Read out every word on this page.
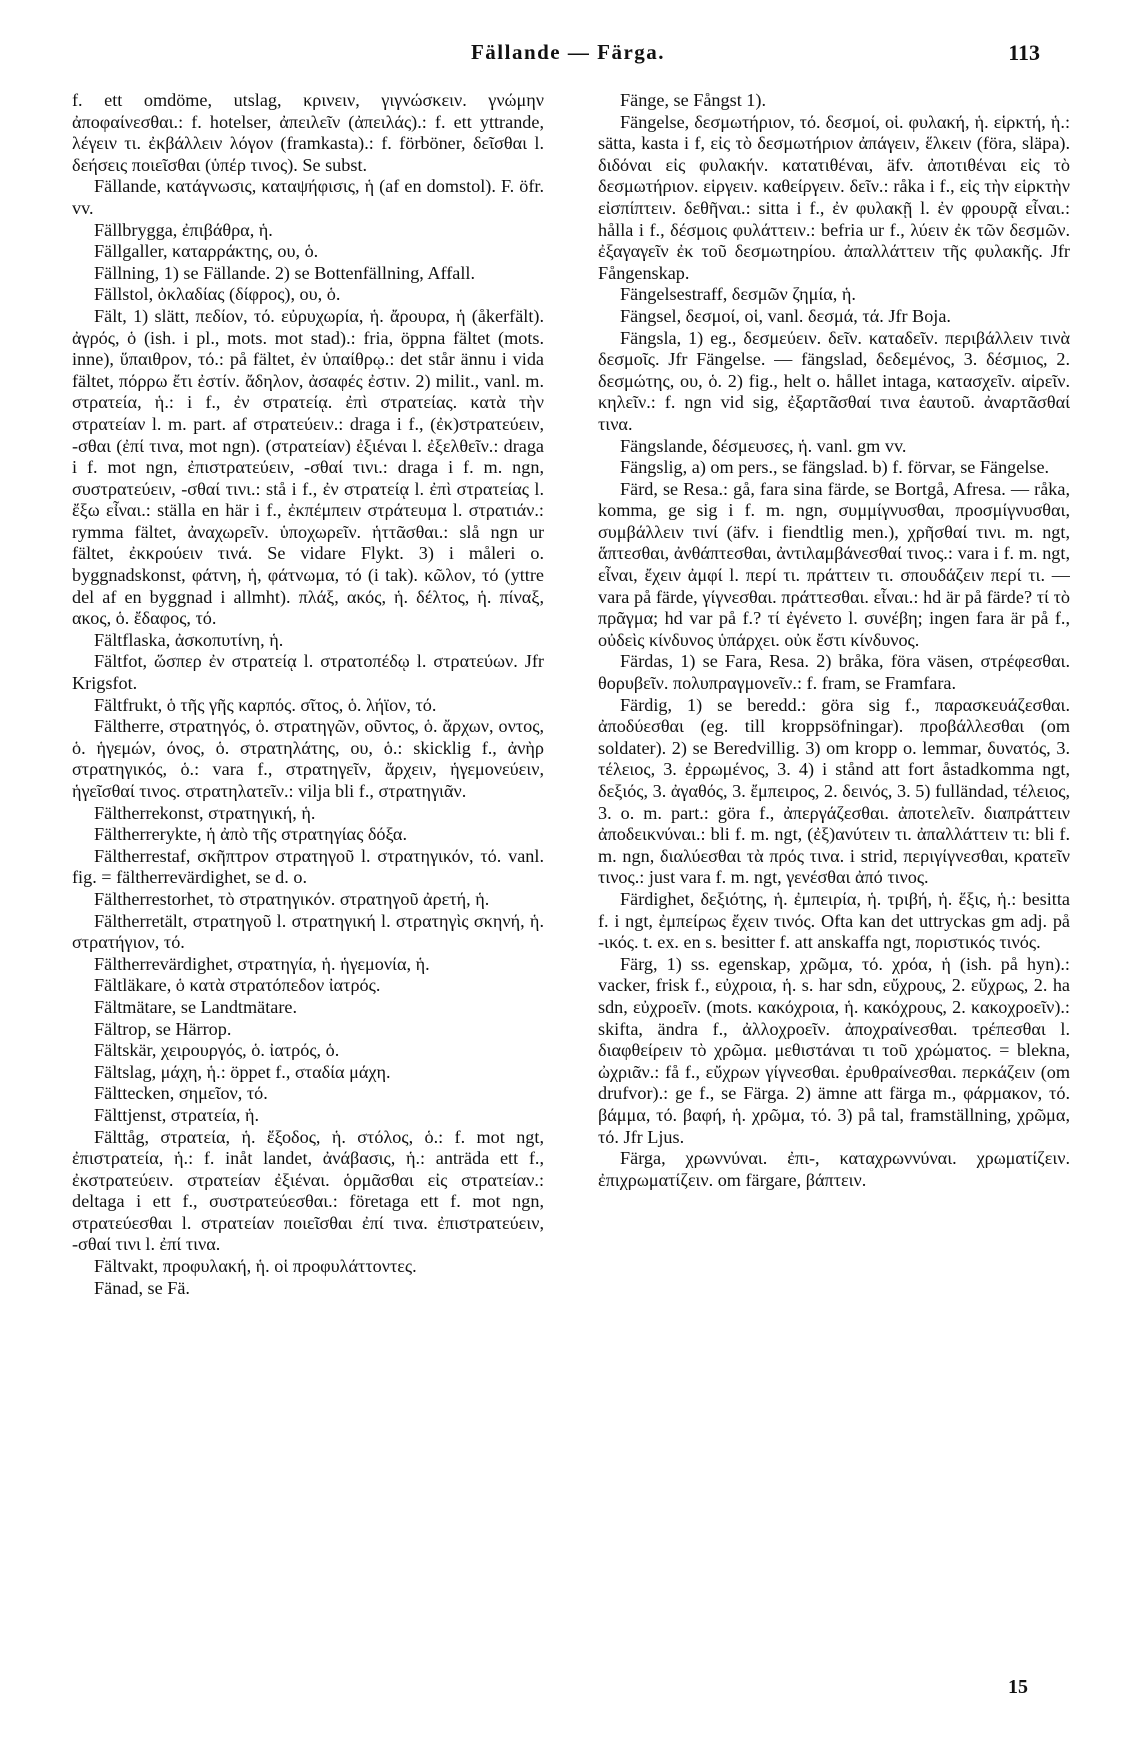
Fällande — Färga.	113

f. ett omdöme, utslag, κρινειν, γιγνώσκειν. γνώμην ἀποφαίνεσθαι.: f. hotelser, ἀπειλεῖν (ἀπειλάς).: f. ett yttrande, λέγειν τι. ἐκβάλλειν λόγον (framkasta).: f. förböner, δεῖσθαι l. δεήσεις ποιεῖσθαι (ὑπέρ τινος). Se subst.

Fällande, κατάγνωσις, καταψήφισις, ἡ (af en domstol). F. öfr. vv.

Fällbrygga, ἐπιβάθρα, ἡ.

Fällgaller, καταρράκτης, ου, ὁ.

Fällning, 1) se Fällande. 2) se Bottenfällning, Affall.

Fällstol, ὀκλαδίας (δίφρος), ου, ὁ.

Fält, 1) slätt, πεδίον, τό. εὐρυχωρία, ἡ. ἄρουρα, ἡ (åkerfält). ἀγρός, ὁ (ish. i pl., mots. mot stad).: fria, öppna fältet (mots. inne), ὕπαιθρον, τό.: på fältet, ἐν ὑπαίθρῳ.: det står ännu i vida fältet, πόρρω ἔτι ἐστίν. ἄδηλον, ἀσαφές ἐστιν. 2) milit., vanl. m. στρατεία, ἡ.: i f., ἐν στρατείᾳ. ἐπὶ στρατείας. κατὰ τὴν στρατείαν l. m. part. af στρατεύειν.: draga i f., (ἐκ)στρατεύειν, -σθαι (ἐπί τινα, mot ngn). (στρατείαν) ἐξιέναι l. ἐξελθεῖν.: draga i f. mot ngn, ἐπιστρατεύειν, -σθαί τινι.: draga i f. m. ngn, συστρατεύειν, -σθαί τινι.: stå i f., ἐν στρατείᾳ l. ἐπὶ στρατείας l. ἔξω εἶναι.: ställa en här i f., ἐκπέμπειν στράτευμα l. στρατιάν.: rymma fältet, ἀναχωρεῖν. ὑποχωρεῖν. ἡττᾶσθαι.: slå ngn ur fältet, ἐκκρούειν τινά. Se vidare Flykt. 3) i måleri o. byggnadskonst, φάτνη, ἡ, φάτνωμα, τό (i tak). κῶλον, τό (yttre del af en byggnad i allmht). πλάξ, ακός, ἡ. δέλτος, ἡ. πίναξ, ακος, ὁ. ἔδαφος, τό.

Fältflaska, ἀσκοπυτίνη, ἡ.

Fältfot, ὥσπερ ἐν στρατείᾳ l. στρατοπέδῳ l. στρατεύων. Jfr Krigsfot.

Fältfrukt, ὁ τῆς γῆς καρπός. σῖτος, ὁ. λήϊον, τό.

Fältherre, στρατηγός, ὁ. στρατηγῶν, οῦντος, ὁ. ἄρχων, οντος, ὁ. ἡγεμών, όνος, ὁ. στρατηλάτης, ου, ὁ.: skicklig f., ἀνὴρ στρατηγικός, ὁ.: vara f., στρατηγεῖν, ἄρχειν, ἡγεμονεύειν, ἡγεῖσθαί τινος. στρατηλατεῖν.: vilja bli f., στρατηγιᾶν.

Fältherrekonst, στρατηγική, ἡ.

Fältherrerykte, ἡ ἀπὸ τῆς στρατηγίας δόξα.

Fältherrestaf, σκῆπτρον στρατηγοῦ l. στρατηγικόν, τό. vanl. fig. = fältherrevärdighet, se d. o.

Fältherrestorhet, τὸ στρατηγικόν. στρατηγοῦ ἀρετή, ἡ.

Fältherretält, στρατηγοῦ l. στρατηγική l. στρατηγὶς σκηνή, ἡ. στρατήγιον, τό.

Fältherrevärdighet, στρατηγία, ἡ. ἡγεμονία, ἡ.

Fältläkare, ὁ κατὰ στρατόπεδον ἰατρός.

Fältmätare, se Landtmätare.

Fältrop, se Härrop.

Fältskär, χειρουργός, ὁ. ἰατρός, ὁ.

Fältslag, μάχη, ἡ.: öppet f., σταδία μάχη.

Fälttecken, σημεῖον, τό.

Fälttjenst, στρατεία, ἡ.

Fälttåg, στρατεία, ἡ. ἔξοδος, ἡ. στόλος, ὁ.: f. mot ngt, ἐπιστρατεία, ἡ.: f. inåt landet, ἀνάβασις, ἡ.: anträda ett f., ἐκστρατεύειν. στρατείαν ἐξιέναι. ὁρμᾶσθαι εἰς στρατείαν.: deltaga i ett f., συστρατεύεσθαι.: företaga ett f. mot ngn, στρατεύεσθαι l. στρατείαν ποιεῖσθαι ἐπί τινα. ἐπιστρατεύειν, -σθαί τινι l. ἐπί τινα.

Fältvakt, προφυλακή, ἡ. οἱ προφυλάττοντες.

Fänad, se Fä.

Fänge, se Fångst 1).

Fängelse, δεσμωτήριον, τό. δεσμοί, οἱ. φυλακή, ἡ. εἱρκτή, ἡ.: sätta, kasta i f, εἰς τὸ δεσμωτήριον ἀπάγειν, ἕλκειν (föra, släpa). διδόναι εἰς φυλακήν. κατατιθέναι, äfv. ἀποτιθέναι εἰς τὸ δεσμωτήριον. εἱργειν. καθείργειν. δεῖν.: råka i f., εἰς τὴν εἱρκτὴν εἰσπίπτειν. δεθῆναι.: sitta i f., ἐν φυλακῇ l. ἐν φρουρᾷ εἶναι.: hålla i f., δέσμοις φυλάττειν.: befria ur f., λύειν ἐκ τῶν δεσμῶν. ἐξαγαγεῖν ἐκ τοῦ δεσμωτηρίου. ἀπαλλάττειν τῆς φυλακῆς. Jfr Fångenskap.

Fängelsestraff, δεσμῶν ζημία, ἡ.

Fängsel, δεσμοί, οἱ, vanl. δεσμά, τά. Jfr Boja.

Fängsla, 1) eg., δεσμεύειν. δεῖν. καταδεῖν. περιβάλλειν τινὰ δεσμοῖς. Jfr Fängelse. — fängslad, δεδεμένος, 3. δέσμιος, 2. δεσμώτης, ου, ὁ. 2) fig., helt o. hållet intaga, κατασχεῖν. αἱρεῖν. κηλεῖν.: f. ngn vid sig, ἐξαρτᾶσθαί τινα ἑαυτοῦ. ἀναρτᾶσθαί τινα.

Fängslande, δέσμευσες, ἡ. vanl. gm vv.

Fängslig, a) om pers., se fängslad. b) f. förvar, se Fängelse.

Färd, se Resa.: gå, fara sina färde, se Bortgå, Afresa. — råka, komma, ge sig i f. m. ngn, συμμίγνυσθαι, προσμίγνυσθαι, συμβάλλειν τινί (äfv. i fiendtlig men.), χρῆσθαί τινι. m. ngt, ἅπτεσθαι, ἀνθάπτεσθαι, ἀντιλαμβάνεσθαί τινος.: vara i f. m. ngt, εἶναι, ἔχειν ἀμφί l. περί τι. πράττειν τι. σπουδάζειν περί τι. — vara på färde, γίγνεσθαι. πράττεσθαι. εἶναι.: hd är på färde? τί τὸ πρᾶγμα; hd var på f.? τί ἐγένετο l. συνέβη; ingen fara är på f., οὐδεὶς κίνδυνος ὑπάρχει. οὐκ ἔστι κίνδυνος.

Färdas, 1) se Fara, Resa. 2) bråka, föra väsen, στρέφεσθαι. θορυβεῖν. πολυπραγμονεῖν.: f. fram, se Framfara.

Färdig, 1) se beredd.: göra sig f., παρασκευάζεσθαι. ἀποδύεσθαι (eg. till kroppsöfningar). προβάλλεσθαι (om soldater). 2) se Beredvillig. 3) om kropp o. lemmar, δυνατός, 3. τέλειος, 3. ἐρρωμένος, 3. 4) i stånd att fort åstadkomma ngt, δεξιός, 3. ἀγαθός, 3. ἔμπειρος, 2. δεινός, 3. 5) fulländad, τέλειος, 3. o. m. part.: göra f., ἀπεργάζεσθαι. ἀποτελεῖν. διαπράττειν ἀποδεικνύναι.: bli f. m. ngt, (ἐξ)ανύτειν τι. ἀπαλλάττειν τι: bli f. m. ngn, διαλύεσθαι τὰ πρός τινα. i strid, περιγίγνεσθαι, κρατεῖν τινος.: just vara f. m. ngt, γενέσθαι ἀπό τινος.

Färdighet, δεξιότης, ἡ. ἐμπειρία, ἡ. τριβή, ἡ. ἕξις, ἡ.: besitta f. i ngt, ἐμπείρως ἔχειν τινός. Ofta kan det uttryckas gm adj. på -ικός. t. ex. en s. besitter f. att anskaffa ngt, ποριστικός τινός.

Färg, 1) ss. egenskap, χρῶμα, τό. χρόα, ἡ (ish. på hyn).: vacker, frisk f., εὐχροια, ἡ. s. har sdn, εὔχρους, 2. εὔχρως, 2. ha sdn, εὐχροεῖν. (mots. κακόχροια, ἡ. κακόχρους, 2. κακοχροεῖν).: skifta, ändra f., ἀλλοχροεῖν. ἀποχραίνεσθαι. τρέπεσθαι l. διαφθείρειν τὸ χρῶμα. μεθιστάναι τι τοῦ χρώματος. = blekna, ὠχριᾶν.: få f., εὔχρων γίγνεσθαι. ἐρυθραίνεσθαι. περκάζειν (om drufvor).: ge f., se Färga. 2) ämne att färga m., φάρμακον, τό. βάμμα, τό. βαφή, ἡ. χρῶμα, τό. 3) på tal, framställning, χρῶμα, τό. Jfr Ljus.

Färga, χρωννύναι. ἐπι-, καταχρωννύναι. χρωματίζειν. ἐπιχρωματίζειν. om färgare, βάπτειν.

15
